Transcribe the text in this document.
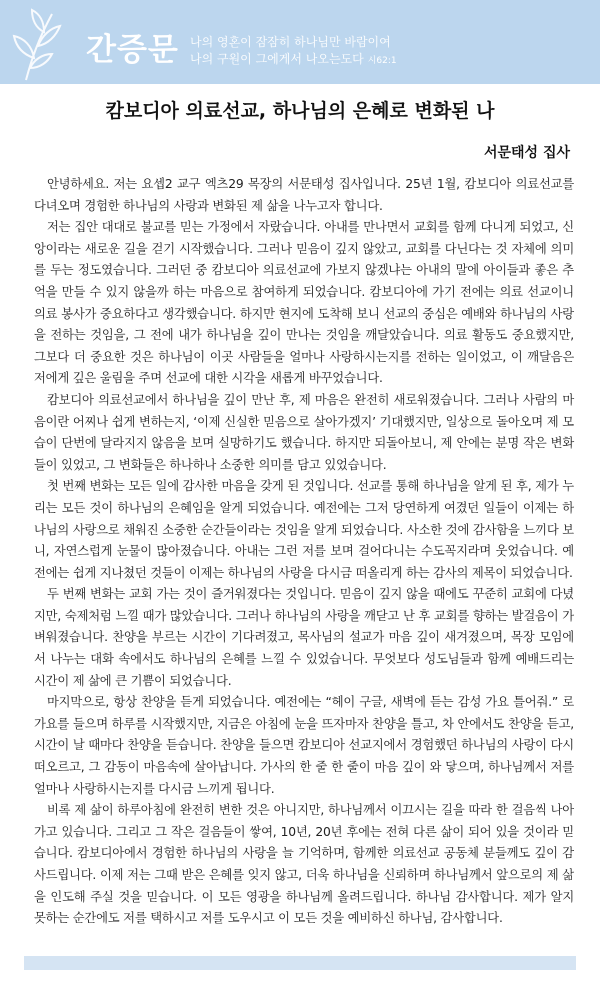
간증문 나의 영혼이 잠잠히 하나님만 바람이여
나의 구원이 그에게서 나오는도다 시62:1
캄보디아 의료선교, 하나님의 은혜로 변화된 나
서문태성 집사

안녕하세요. 저는 요셉2 교구 엑츠29 목장의 서문태성 집사입니다. 25년 1월, 캄보디아 의료선교를 다녀오며 경험한 하나님의 사랑과 변화된 제 삶을 나누고자 합니다.

저는 집안 대대로 불교를 믿는 가정에서 자랐습니다. 아내를 만나면서 교회를 함께 다니게 되었고, 신앙이라는 새로운 길을 걷기 시작했습니다. 그러나 믿음이 깊지 않았고, 교회를 다닌다는 것 자체에 의미를 두는 정도였습니다. 그러던 중 캄보디아 의료선교에 가보지 않겠냐는 아내의 말에 아이들과 좋은 추억을 만들 수 있지 않을까 하는 마음으로 참여하게 되었습니다. 캄보디아에 가기 전에는 의료 선교이니 의료 봉사가 중요하다고 생각했습니다. 하지만 현지에 도착해 보니 선교의 중심은 예배와 하나님의 사랑을 전하는 것임을, 그 전에 내가 하나님을 깊이 만나는 것임을 깨달았습니다. 의료 활동도 중요했지만, 그보다 더 중요한 것은 하나님이 이곳 사람들을 얼마나 사랑하시는지를 전하는 일이었고, 이 깨달음은 저에게 깊은 울림을 주며 선교에 대한 시각을 새롭게 바꾸었습니다.

캄보디아 의료선교에서 하나님을 깊이 만난 후, 제 마음은 완전히 새로워졌습니다. 그러나 사람의 마음이란 어찌나 쉽게 변하는지, ‘이제 신실한 믿음으로 살아가겠지’ 기대했지만, 일상으로 돌아오며 제 모습이 단번에 달라지지 않음을 보며 실망하기도 했습니다. 하지만 되돌아보니, 제 안에는 분명 작은 변화들이 있었고, 그 변화들은 하나하나 소중한 의미를 담고 있었습니다.

첫 번째 변화는 모든 일에 감사한 마음을 갖게 된 것입니다. 선교를 통해 하나님을 알게 된 후, 제가 누리는 모든 것이 하나님의 은혜임을 알게 되었습니다. 예전에는 그저 당연하게 여겼던 일들이 이제는 하나님의 사랑으로 채워진 소중한 순간들이라는 것임을 알게 되었습니다. 사소한 것에 감사함을 느끼다 보니, 자연스럽게 눈물이 많아졌습니다. 아내는 그런 저를 보며 걸어다니는 수도꼭지라며 웃었습니다. 예전에는 쉽게 지나쳤던 것들이 이제는 하나님의 사랑을 다시금 떠올리게 하는 감사의 제목이 되었습니다.

두 번째 변화는 교회 가는 것이 즐거워졌다는 것입니다. 믿음이 깊지 않을 때에도 꾸준히 교회에 다녔지만, 숙제처럼 느낄 때가 많았습니다. 그러나 하나님의 사랑을 깨닫고 난 후 교회를 향하는 발걸음이 가벼워졌습니다. 찬양을 부르는 시간이 기다려졌고, 목사님의 설교가 마음 깊이 새겨졌으며, 목장 모임에서 나누는 대화 속에서도 하나님의 은혜를 느낄 수 있었습니다. 무엇보다 성도님들과 함께 예배드리는 시간이 제 삶에 큰 기쁨이 되었습니다.

마지막으로, 항상 찬양을 듣게 되었습니다. 예전에는 “헤이 구글, 새벽에 듣는 감성 가요 틀어줘.” 로 가요를 들으며 하루를 시작했지만, 지금은 아침에 눈을 뜨자마자 찬양을 틀고, 차 안에서도 찬양을 듣고, 시간이 날 때마다 찬양을 듣습니다. 찬양을 들으면 캄보디아 선교지에서 경험했던 하나님의 사랑이 다시 떠오르고, 그 감동이 마음속에 살아납니다. 가사의 한 줄 한 줄이 마음 깊이 와 닿으며, 하나님께서 저를 얼마나 사랑하시는지를 다시금 느끼게 됩니다.

비록 제 삶이 하루아침에 완전히 변한 것은 아니지만, 하나님께서 이끄시는 길을 따라 한 걸음씩 나아가고 있습니다. 그리고 그 작은 걸음들이 쌓여, 10년, 20년 후에는 전혀 다른 삶이 되어 있을 것이라 믿습니다. 캄보디아에서 경험한 하나님의 사랑을 늘 기억하며, 함께한 의료선교 공동체 분들께도 깊이 감사드립니다. 이제 저는 그때 받은 은혜를 잊지 않고, 더욱 하나님을 신뢰하며 하나님께서 앞으로의 제 삶을 인도해 주실 것을 믿습니다. 이 모든 영광을 하나님께 올려드립니다. 하나님 감사합니다. 제가 알지 못하는 순간에도 저를 택하시고 저를 도우시고 이 모든 것을 예비하신 하나님, 감사합니다.
